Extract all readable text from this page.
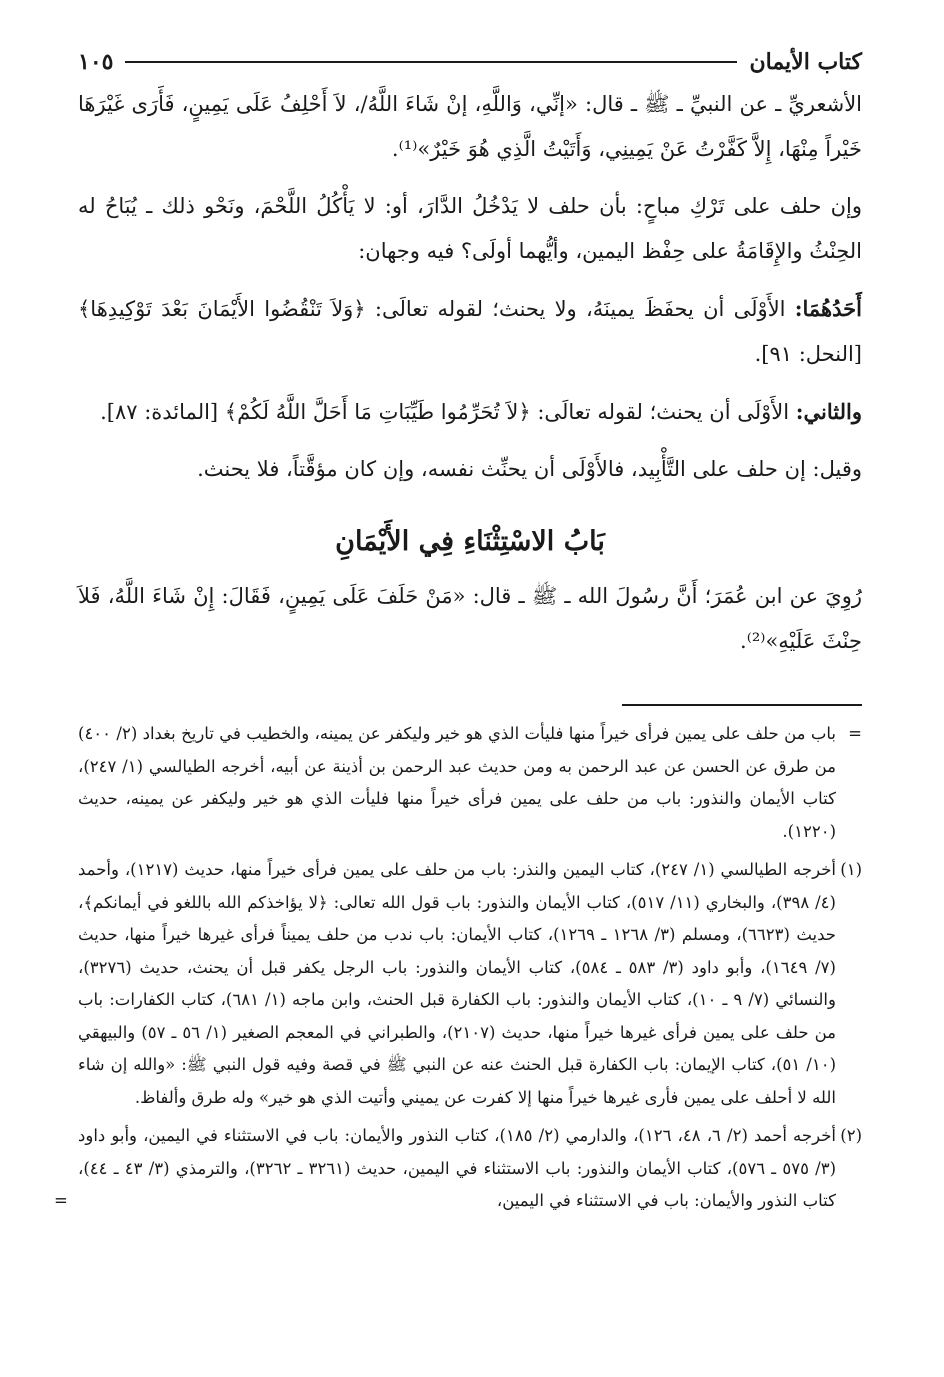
كتاب الأيمان
١٠٥

الأشعريِّ ـ عن النبيِّ ـ ﷺ ـ قال: «إنِّي، وَاللَّهِ، إنْ شَاءَ اللَّهُ/، لاَ أَحْلِفُ عَلَى يَمِينٍ، فَأَرَى غَيْرَهَا خَيْراً مِنْهَا، إِلاَّ كَفَّرْتُ عَنْ يَمِينِي، وَأَتَيْتُ الَّذِي هُوَ خَيْرٌ»⁽¹⁾.

وإن حلف على تَرْكِ مباحٍ: بأن حلف لا يَدْخُلُ الدَّارَ، أو: لا يَأْكُلُ اللَّحْمَ، ونَحْو ذلك ـ يُبَاحُ له الحِنْثُ والإِقَامَةُ على حِفْظ اليمين، وأيُّهما أولَى؟ فيه وجهان:

أَحَدُهُمَا: الأَوْلَى أن يحفَظَ يمينَهُ، ولا يحنث؛ لقوله تعالَى: ﴿وَلاَ تَنْقُضُوا الأَيْمَانَ بَعْدَ تَوْكِيدِهَا﴾ [النحل: ٩١].

والثاني: الأَوْلَى أن يحنث؛ لقوله تعالَى: ﴿لاَ تُحَرِّمُوا طَيِّبَاتِ مَا أَحَلَّ اللَّهُ لَكُمْ﴾ [المائدة: ٨٧].

وقيل: إن حلف على التَّأْبِيد، فالأَوْلَى أن يحنِّث نفسه، وإن كان مؤقَّتاً، فلا يحنث.

بَابُ الاسْتِثْنَاءِ فِي الأَيْمَانِ

رُوِيَ عن ابن عُمَرَ؛ أَنَّ رسُولَ الله ـ ﷺ ـ قال: «مَنْ حَلَفَ عَلَى يَمِينٍ، فَقَالَ: إِنْ شَاءَ اللَّهُ، فَلاَ حِنْثَ عَلَيْهِ»⁽²⁾.

=
باب من حلف على يمين فرأى خيراً منها فليأت الذي هو خير وليكفر عن يمينه، والخطيب في تاريخ بغداد (٢/ ٤٠٠) من طرق عن الحسن عن عبد الرحمن به ومن حديث عبد الرحمن بن أذينة عن أبيه، أخرجه الطيالسي (١/ ٢٤٧)، كتاب الأيمان والنذور: باب من حلف على يمين فرأى خيراً منها فليأت الذي هو خير وليكفر عن يمينه، حديث (١٢٢٠).
(١)
أخرجه الطيالسي (١/ ٢٤٧)، كتاب اليمين والنذر: باب من حلف على يمين فرأى خيراً منها، حديث (١٢١٧)، وأحمد (٤/ ٣٩٨)، والبخاري (١١/ ٥١٧)، كتاب الأيمان والنذور: باب قول الله تعالى: ﴿لا يؤاخذكم الله باللغو في أيمانكم﴾، حديث (٦٦٢٣)، ومسلم (٣/ ١٢٦٨ ـ ١٢٦٩)، كتاب الأيمان: باب ندب من حلف يميناً فرأى غيرها خيراً منها، حديث (٧/ ١٦٤٩)، وأبو داود (٣/ ٥٨٣ ـ ٥٨٤)، كتاب الأيمان والنذور: باب الرجل يكفر قبل أن يحنث، حديث (٣٢٧٦)، والنسائي (٧/ ٩ ـ ١٠)، كتاب الأيمان والنذور: باب الكفارة قبل الحنث، وابن ماجه (١/ ٦٨١)، كتاب الكفارات: باب من حلف على يمين فرأى غيرها خيراً منها، حديث (٢١٠٧)، والطبراني في المعجم الصغير (١/ ٥٦ ـ ٥٧) والبيهقي (١٠/ ٥١)، كتاب الإيمان: باب الكفارة قبل الحنث عنه عن النبي ﷺ في قصة وفيه قول النبي ﷺ: «والله إن شاء الله لا أحلف على يمين فأرى غيرها خيراً منها إلا كفرت عن يميني وأتيت الذي هو خير» وله طرق وألفاظ.
(٢)
أخرجه أحمد (٢/ ٦، ٤٨، ١٢٦)، والدارمي (٢/ ١٨٥)، كتاب النذور والأيمان: باب في الاستثناء في اليمين، وأبو داود (٣/ ٥٧٥ ـ ٥٧٦)، كتاب الأيمان والنذور: باب الاستثناء في اليمين، حديث (٣٢٦١ ـ ٣٢٦٢)، والترمذي (٣/ ٤٣ ـ ٤٤)، كتاب النذور والأيمان: باب في الاستثناء في اليمين،
=
